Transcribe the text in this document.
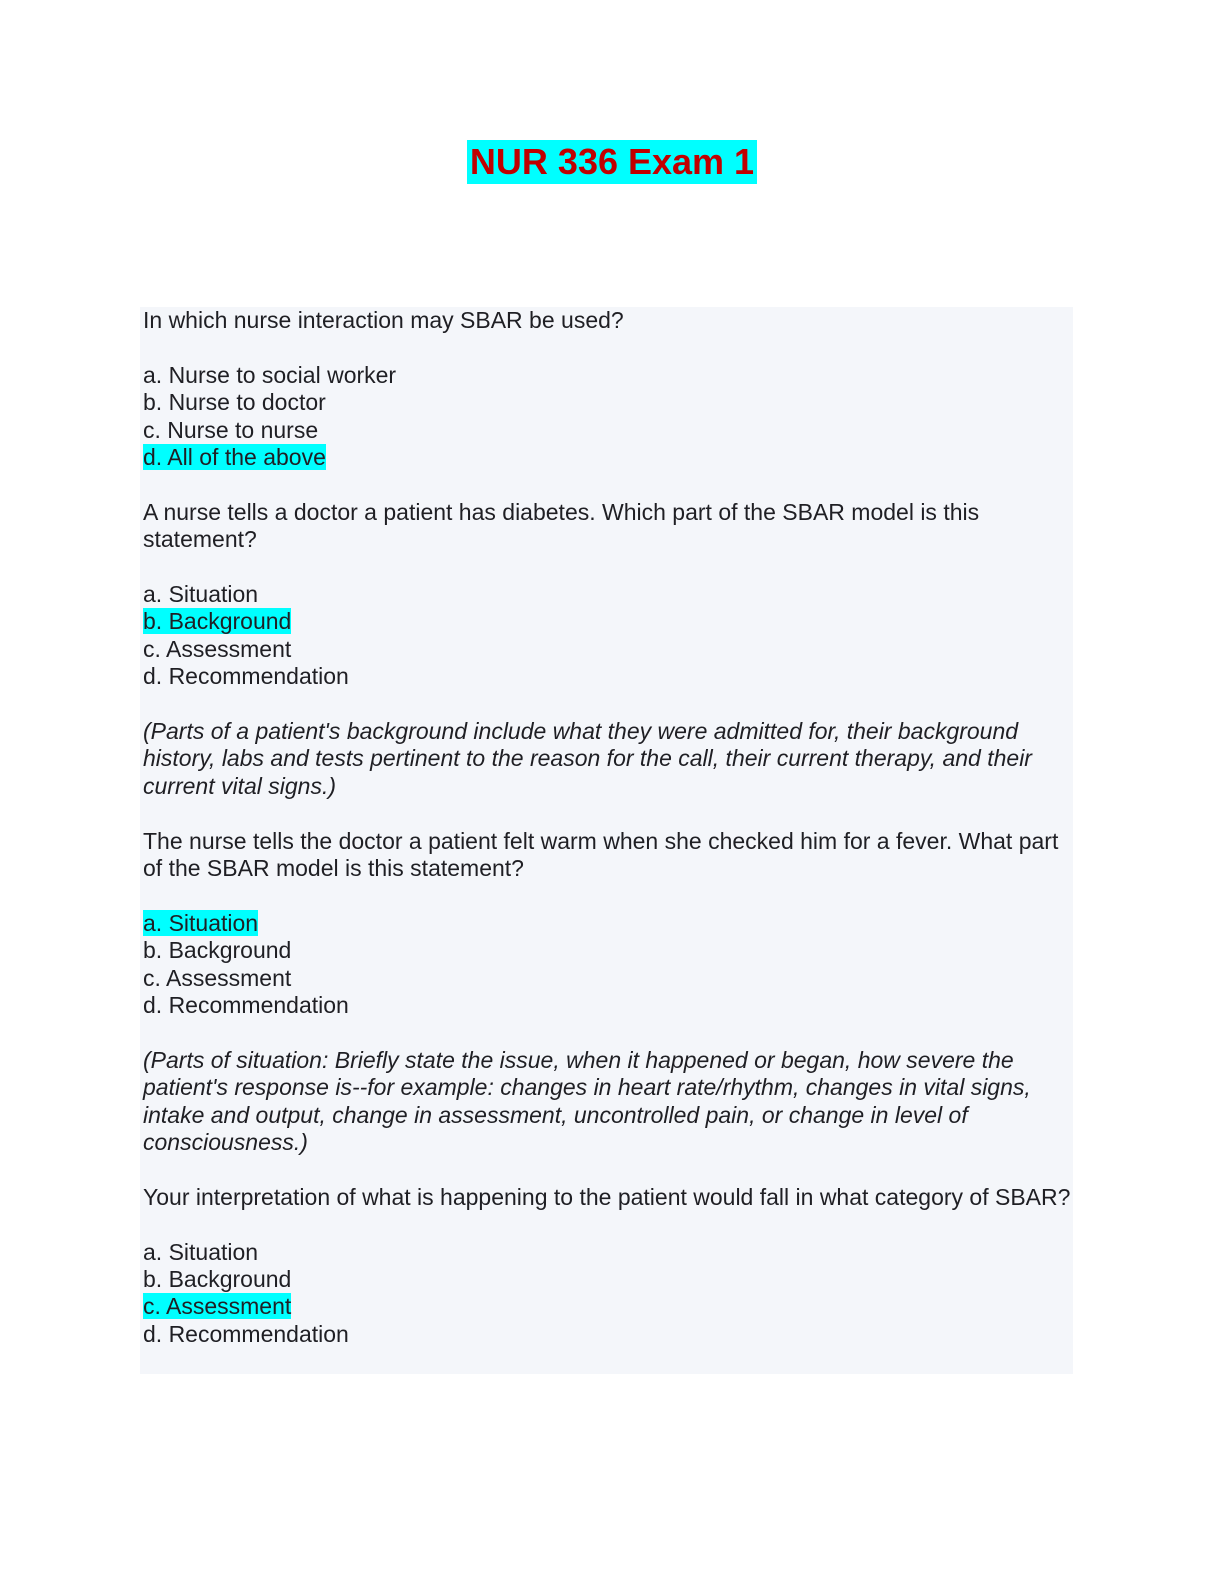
NUR 336 Exam 1

In which nurse interaction may SBAR be used?

a. Nurse to social worker
b. Nurse to doctor
c. Nurse to nurse
d. All of the above

A nurse tells a doctor a patient has diabetes. Which part of the SBAR model is this statement?

a. Situation
b. Background
c. Assessment
d. Recommendation

(Parts of a patient's background include what they were admitted for, their background history, labs and tests pertinent to the reason for the call, their current therapy, and their current vital signs.)

The nurse tells the doctor a patient felt warm when she checked him for a fever. What part of the SBAR model is this statement?

a. Situation
b. Background
c. Assessment
d. Recommendation

(Parts of situation: Briefly state the issue, when it happened or began, how severe the patient's response is--for example: changes in heart rate/rhythm, changes in vital signs, intake and output, change in assessment, uncontrolled pain, or change in level of consciousness.)

Your interpretation of what is happening to the patient would fall in what category of SBAR?

a. Situation
b. Background
c. Assessment
d. Recommendation
